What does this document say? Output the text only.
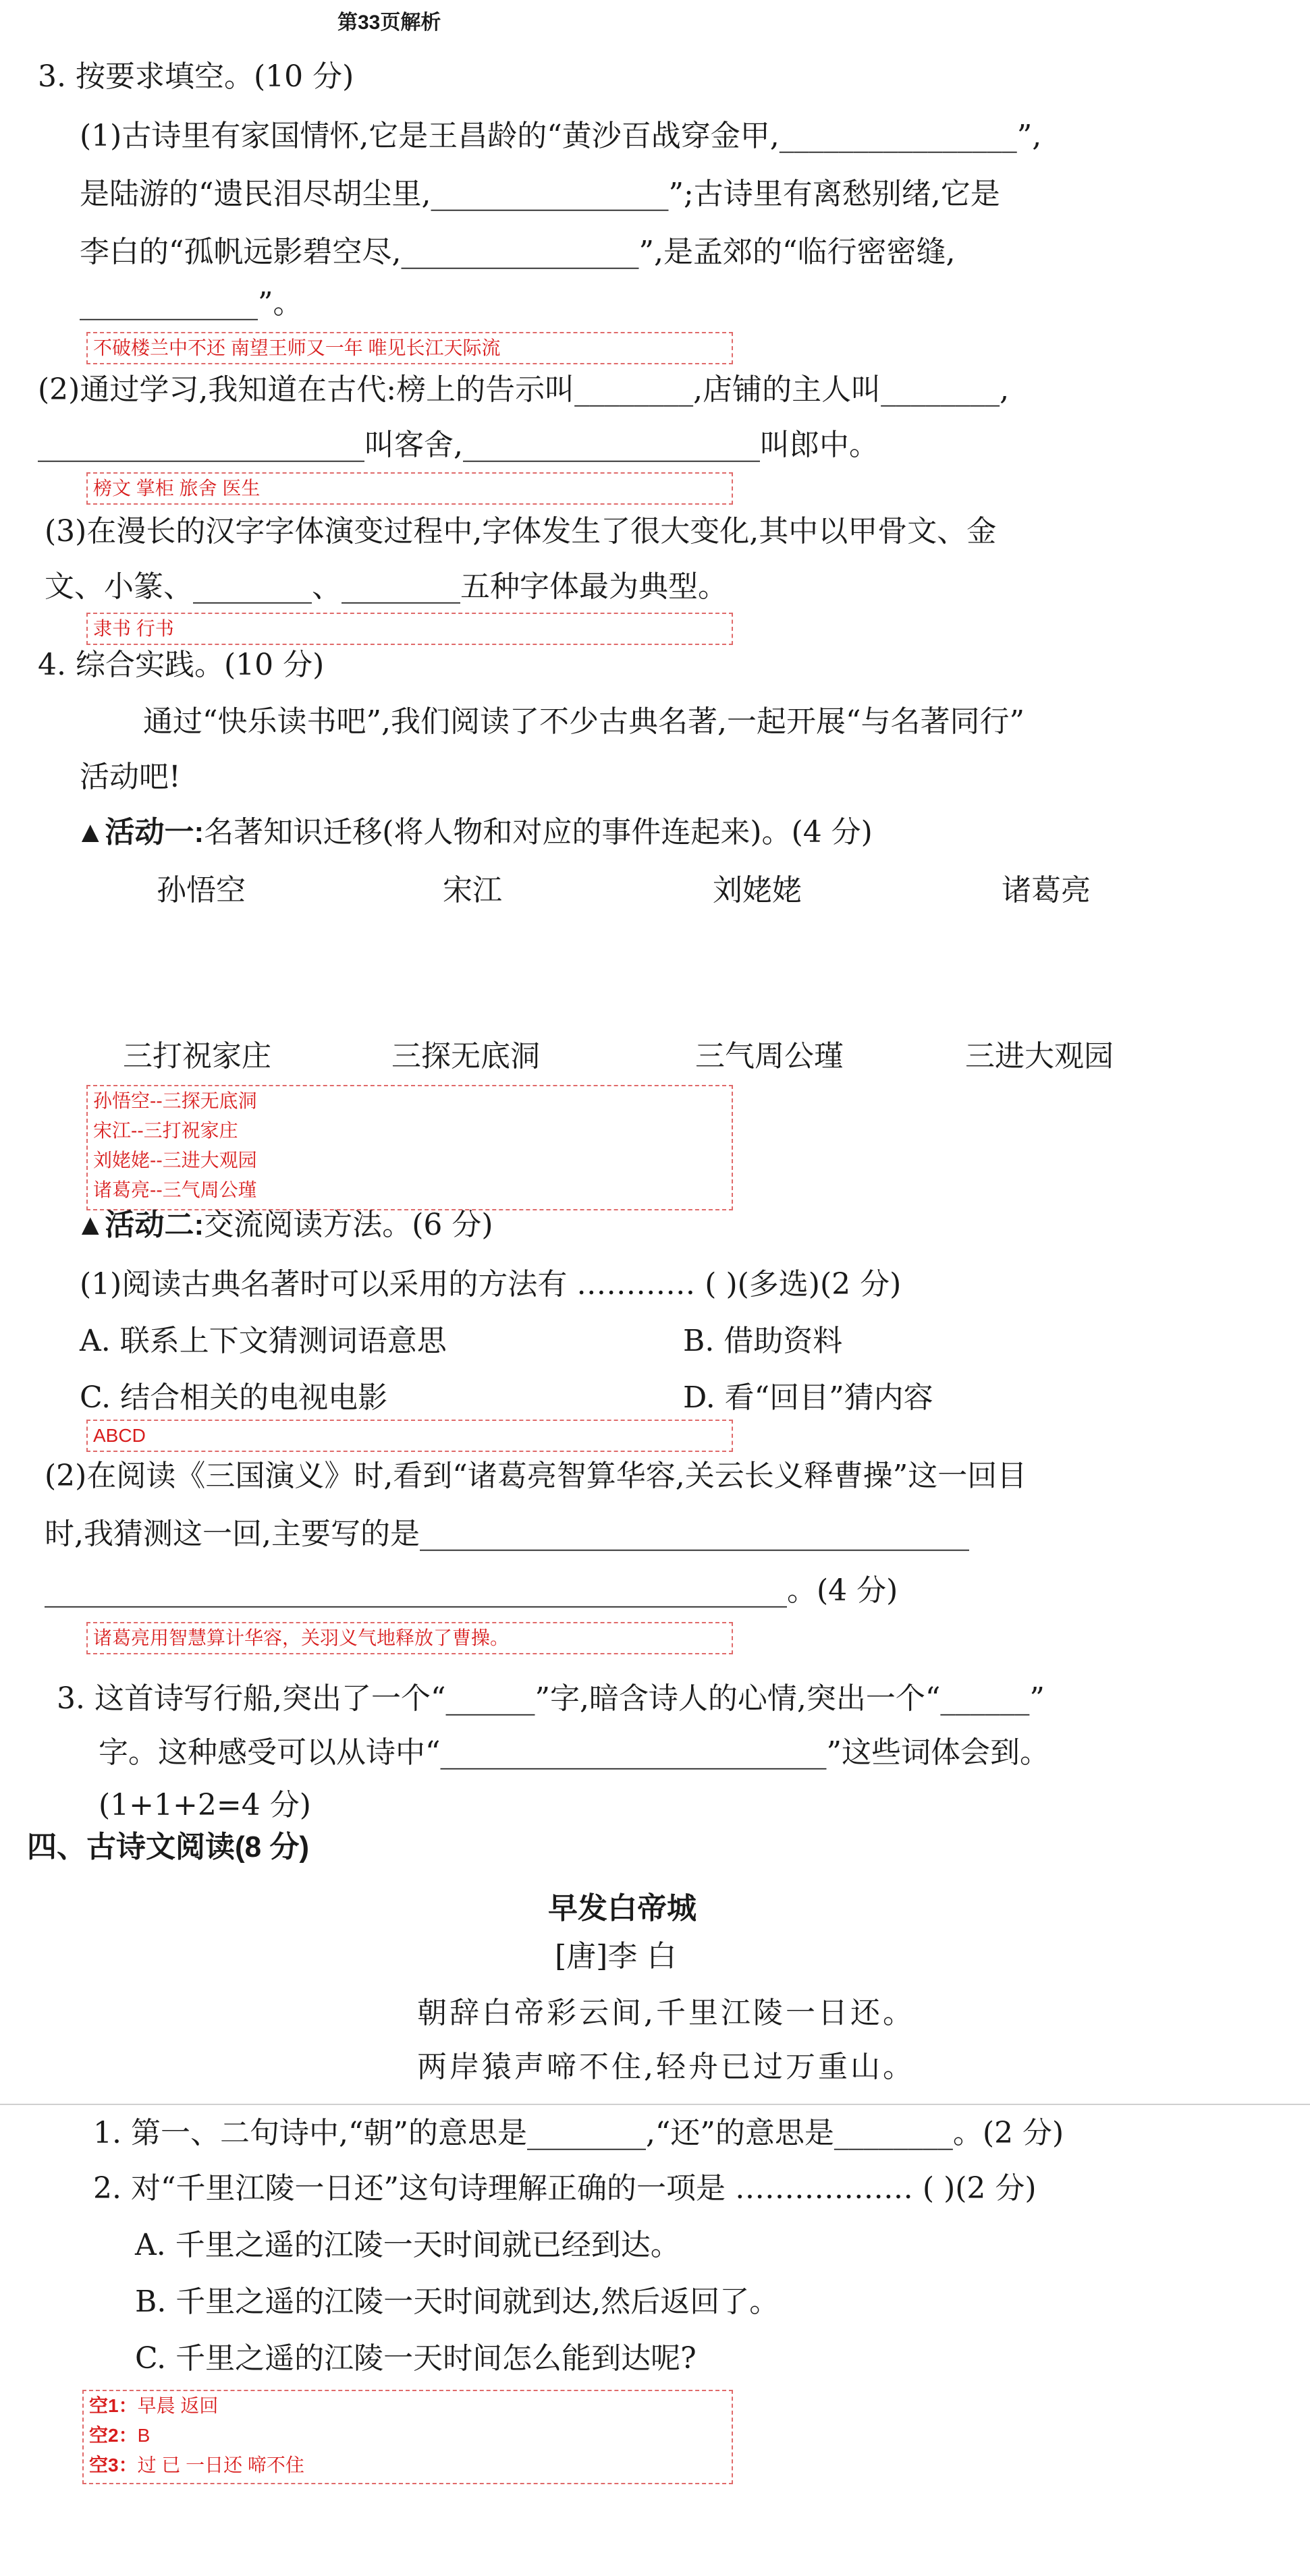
第33页解析
3. 按要求填空。(10 分)
(1)古诗里有家国情怀,它是王昌龄的“黄沙百战穿金甲,________________”,
是陆游的“遗民泪尽胡尘里,________________”;古诗里有离愁别绪,它是
李白的“孤帆远影碧空尽,________________”,是孟郊的“临行密密缝,
____________”。
不破楼兰中不还 南望王师又一年 唯见长江天际流
(2)通过学习,我知道在古代:榜上的告示叫________,店铺的主人叫________,
______________________叫客舍,____________________叫郎中。
榜文 掌柜 旅舍 医生
(3)在漫长的汉字字体演变过程中,字体发生了很大变化,其中以甲骨文、金
文、小篆、________、________五种字体最为典型。
隶书 行书
4. 综合实践。(10 分)
通过“快乐读书吧”,我们阅读了不少古典名著,一起开展“与名著同行”
活动吧!
▲活动一:名著知识迁移(将人物和对应的事件连起来)。(4 分)
孙悟空	宋江	刘姥姥	诸葛亮
三打祝家庄	三探无底洞	三气周公瑾	三进大观园
孙悟空--三探无底洞
宋江--三打祝家庄
刘姥姥--三进大观园
诸葛亮--三气周公瑾
▲活动二:交流阅读方法。(6 分)
(1)阅读古典名著时可以采用的方法有 ………… ( )(多选)(2 分)
A. 联系上下文猜测词语意思	B. 借助资料
C. 结合相关的电视电影	D. 看“回目”猜内容
ABCD
(2)在阅读《三国演义》时,看到“诸葛亮智算华容,关云长义释曹操”这一回目
时,我猜测这一回,主要写的是_____________________________________
__________________________________________________。(4 分)
诸葛亮用智慧算计华容，关羽义气地释放了曹操。
3. 这首诗写行船,突出了一个“______”字,暗含诗人的心情,突出一个“______”
字。这种感受可以从诗中“__________________________”这些词体会到。
(1+1+2=4 分)
四、古诗文阅读(8 分)
早发白帝城
[唐]李 白
朝辞白帝彩云间,千里江陵一日还。
两岸猿声啼不住,轻舟已过万重山。
1. 第一、二句诗中,“朝”的意思是________,“还”的意思是________。(2 分)
2. 对“千里江陵一日还”这句诗理解正确的一项是 ……………… ( )(2 分)
A. 千里之遥的江陵一天时间就已经到达。
B. 千里之遥的江陵一天时间就到达,然后返回了。
C. 千里之遥的江陵一天时间怎么能到达呢?
空1：早晨 返回
空2：B
空3：过 已 一日还 啼不住
